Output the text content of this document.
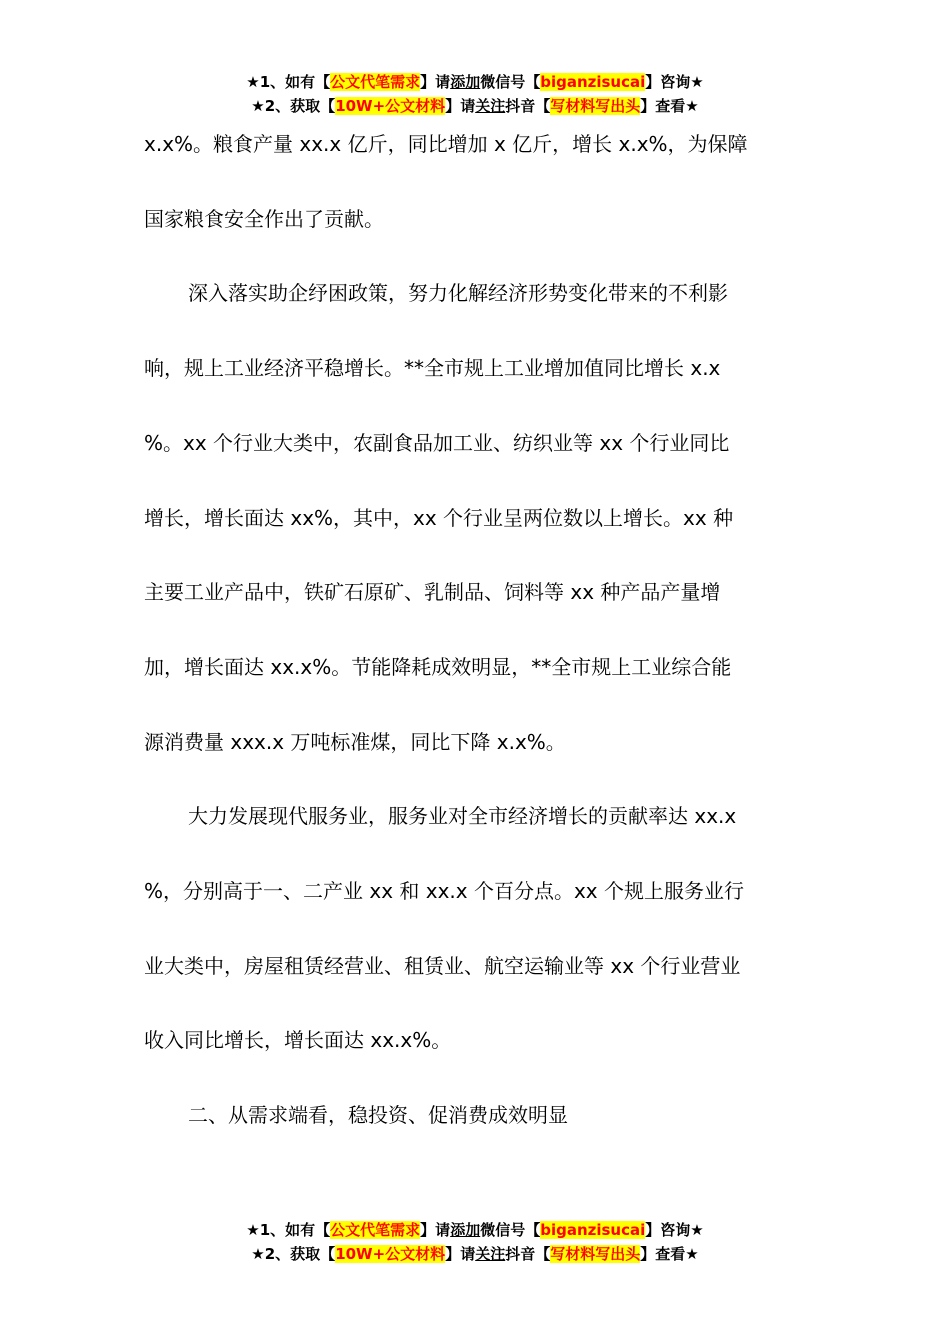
★1、如有【公文代笔需求】请添加微信号【biganzisucai】咨询★
★2、获取【10W+公文材料】请关注抖音【写材料写出头】查看★

x.x%。粮食产量 xx.x 亿斤，同比增加 x 亿斤，增长 x.x%，为保障
国家粮食安全作出了贡献。

深入落实助企纾困政策，努力化解经济形势变化带来的不利影
响，规上工业经济平稳增长。**全市规上工业增加值同比增长 x.x
%。xx 个行业大类中，农副食品加工业、纺织业等 xx 个行业同比
增长，增长面达 xx%，其中，xx 个行业呈两位数以上增长。xx 种
主要工业产品中，铁矿石原矿、乳制品、饲料等 xx 种产品产量增
加，增长面达 xx.x%。节能降耗成效明显，**全市规上工业综合能
源消费量 xxx.x 万吨标准煤，同比下降 x.x%。

大力发展现代服务业，服务业对全市经济增长的贡献率达 xx.x
%，分别高于一、二产业 xx 和 xx.x 个百分点。xx 个规上服务业行
业大类中，房屋租赁经营业、租赁业、航空运输业等 xx 个行业营业
收入同比增长，增长面达 xx.x%。

二、从需求端看，稳投资、促消费成效明显

★1、如有【公文代笔需求】请添加微信号【biganzisucai】咨询★
★2、获取【10W+公文材料】请关注抖音【写材料写出头】查看★
